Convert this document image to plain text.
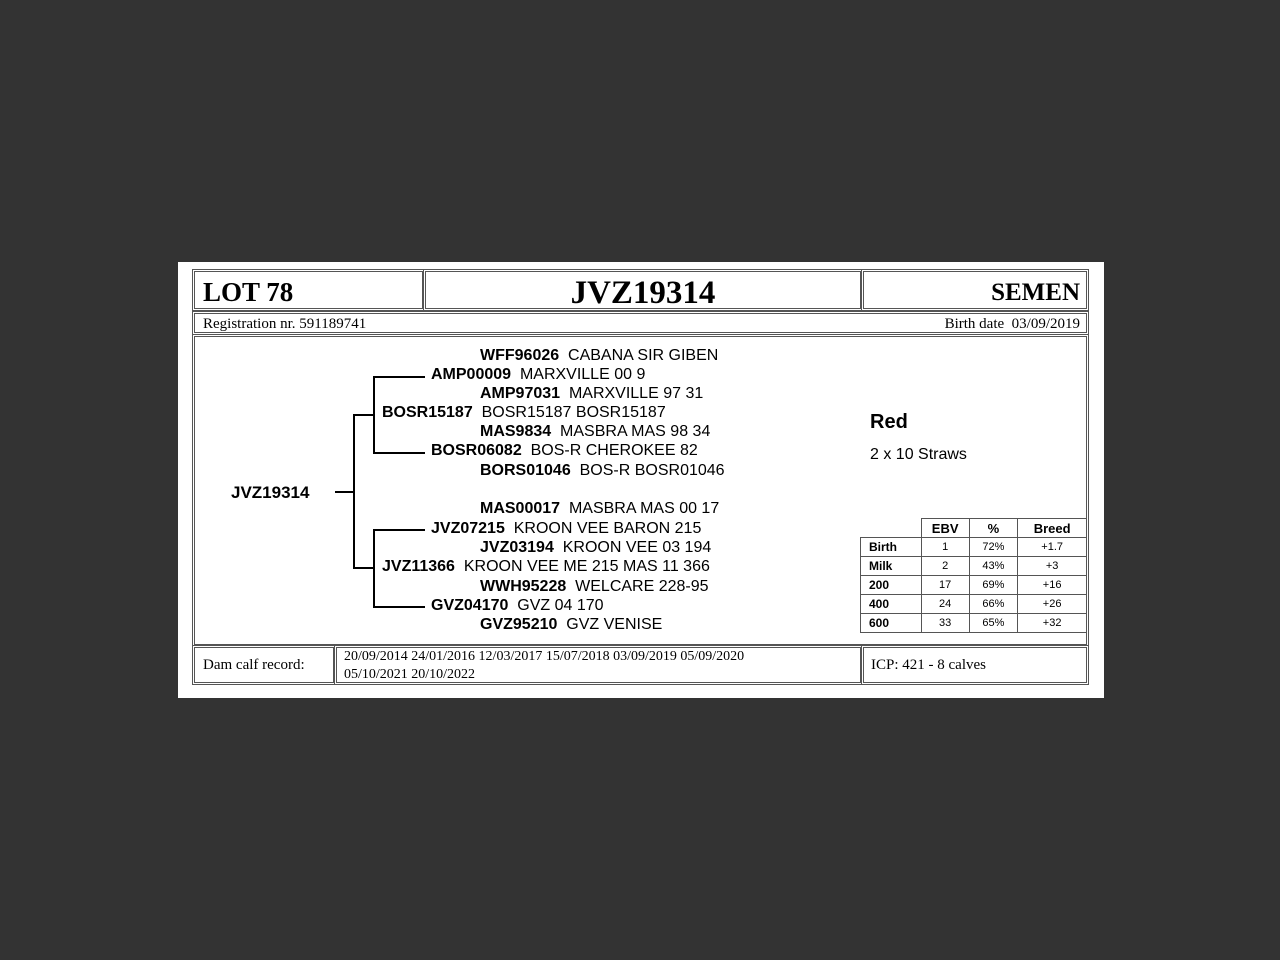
LOT 78	JVZ19314	SEMEN
Registration nr. 591189741	Birth date 03/09/2019
JVZ19314
WFF96026 CABANA SIR GIBEN
AMP00009 MARXVILLE 00 9
AMP97031 MARXVILLE 97 31
BOSR15187 BOSR15187 BOSR15187
MAS9834 MASBRA MAS 98 34
BOSR06082 BOS-R CHEROKEE 82
BORS01046 BOS-R BOSR01046
MAS00017 MASBRA MAS 00 17
JVZ07215 KROON VEE BARON 215
JVZ03194 KROON VEE 03 194
JVZ11366 KROON VEE ME 215 MAS 11 366
WWH95228 WELCARE 228-95
GVZ04170 GVZ 04 170
GVZ95210 GVZ VENISE
Red
2 x 10 Straws
	EBV	%	Breed
Birth	1	72%	+1.7
Milk	2	43%	+3
200	17	69%	+16
400	24	66%	+26
600	33	65%	+32
Dam calf record:
20/09/2014 24/01/2016 12/03/2017 15/07/2018 03/09/2019 05/09/2020
05/10/2021 20/10/2022
ICP: 421 - 8 calves
